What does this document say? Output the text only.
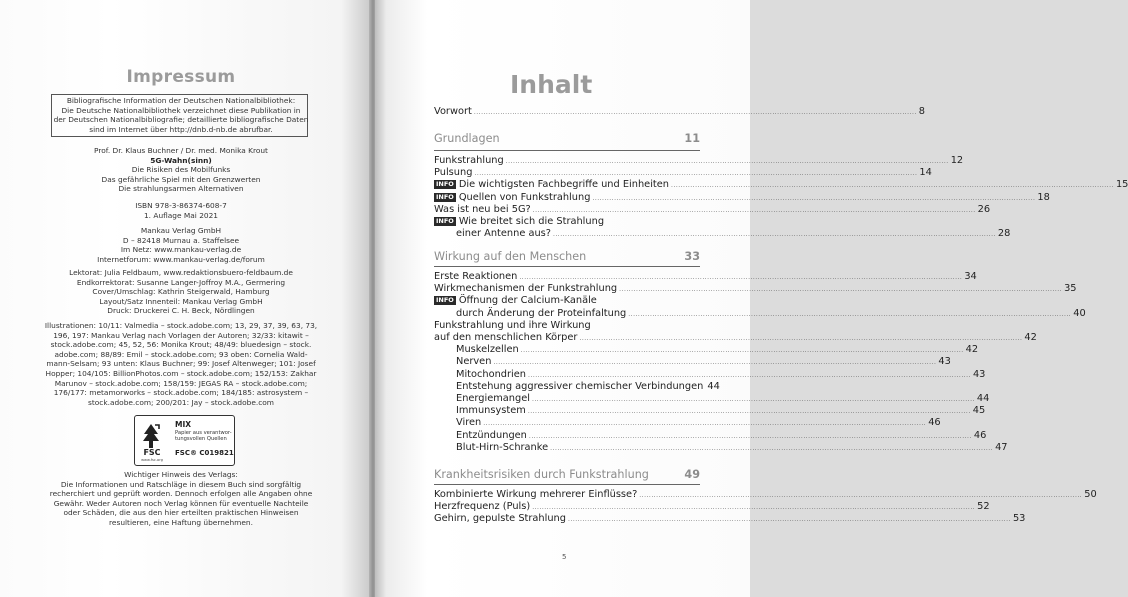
Impressum
Bibliografische Information der Deutschen Nationalbibliothek:
Die Deutsche Nationalbibliothek verzeichnet diese Publikation in
der Deutschen Nationalbibliografie; detaillierte bibliografische Daten
sind im Internet über http://dnb.d-nb.de abrufbar.
Prof. Dr. Klaus Buchner / Dr. med. Monika Krout
5G-Wahn(sinn)
Die Risiken des Mobilfunks
Das gefährliche Spiel mit den Grenzwerten
Die strahlungsarmen Alternativen
ISBN 978-3-86374-608-7
1. Auflage Mai 2021
Mankau Verlag GmbH
D – 82418 Murnau a. Staffelsee
Im Netz: www.mankau-verlag.de
Internetforum: www.mankau-verlag.de/forum
Lektorat: Julia Feldbaum, www.redaktionsbuero-feldbaum.de
Endkorrektorat: Susanne Langer-Joffroy M.A., Germering
Cover/Umschlag: Kathrin Steigerwald, Hamburg
Layout/Satz Innenteil: Mankau Verlag GmbH
Druck: Druckerei C. H. Beck, Nördlingen
Illustrationen: 10/11: Valmedia – stock.adobe.com; 13, 29, 37, 39, 63, 73,
196, 197: Mankau Verlag nach Vorlagen der Autoren; 32/33: kitawit –
stock.adobe.com; 45, 52, 56: Monika Krout; 48/49: bluedesign – stock.
adobe.com; 88/89: Emil – stock.adobe.com; 93 oben: Cornelia Wald-
mann-Selsam; 93 unten: Klaus Buchner; 99: Josef Altenweger; 101: Josef
Hopper; 104/105: BillionPhotos.com – stock.adobe.com; 152/153: Zakhar
Marunov – stock.adobe.com; 158/159: JEGAS RA – stock.adobe.com;
176/177: metamorworks – stock.adobe.com; 184/185: astrosystem –
stock.adobe.com; 200/201: Jay – stock.adobe.com
FSC
www.fsc.org
MIX
Papier aus verantwor-
tungsvollen Quellen
FSC® C019821
Wichtiger Hinweis des Verlags:
Die Informationen und Ratschläge in diesem Buch sind sorgfältig
recherchiert und geprüft worden. Dennoch erfolgen alle Angaben ohne
Gewähr. Weder Autoren noch Verlag können für eventuelle Nachteile
oder Schäden, die aus den hier erteilten praktischen Hinweisen
resultieren, eine Haftung übernehmen.
Inhalt
Vorwort .....	8
Grundlagen	11
Funkstrahlung .....	12
Pulsung .....	14
INFO Die wichtigsten Fachbegriffe und Einheiten .....	15
INFO Quellen von Funkstrahlung .....	18
Was ist neu bei 5G? .....	26
INFO Wie breitet sich die Strahlung
einer Antenne aus? .....	28
Wirkung auf den Menschen	33
Erste Reaktionen .....	34
Wirkmechanismen der Funkstrahlung .....	35
INFO Öffnung der Calcium-Kanäle
durch Änderung der Proteinfaltung .....	40
Funkstrahlung und ihre Wirkung
auf den menschlichen Körper .....	42
Muskelzellen .....	42
Nerven .....	43
Mitochondrien .....	43
Entstehung aggressiver chemischer Verbindungen 44
Energiemangel .....	44
Immunsystem .....	45
Viren .....	46
Entzündungen .....	46
Blut-Hirn-Schranke .....	47
Krankheitsrisiken durch Funkstrahlung	49
Kombinierte Wirkung mehrerer Einflüsse? .....	50
Herzfrequenz (Puls) .....	52
Gehirn, gepulste Strahlung .....	53
5
